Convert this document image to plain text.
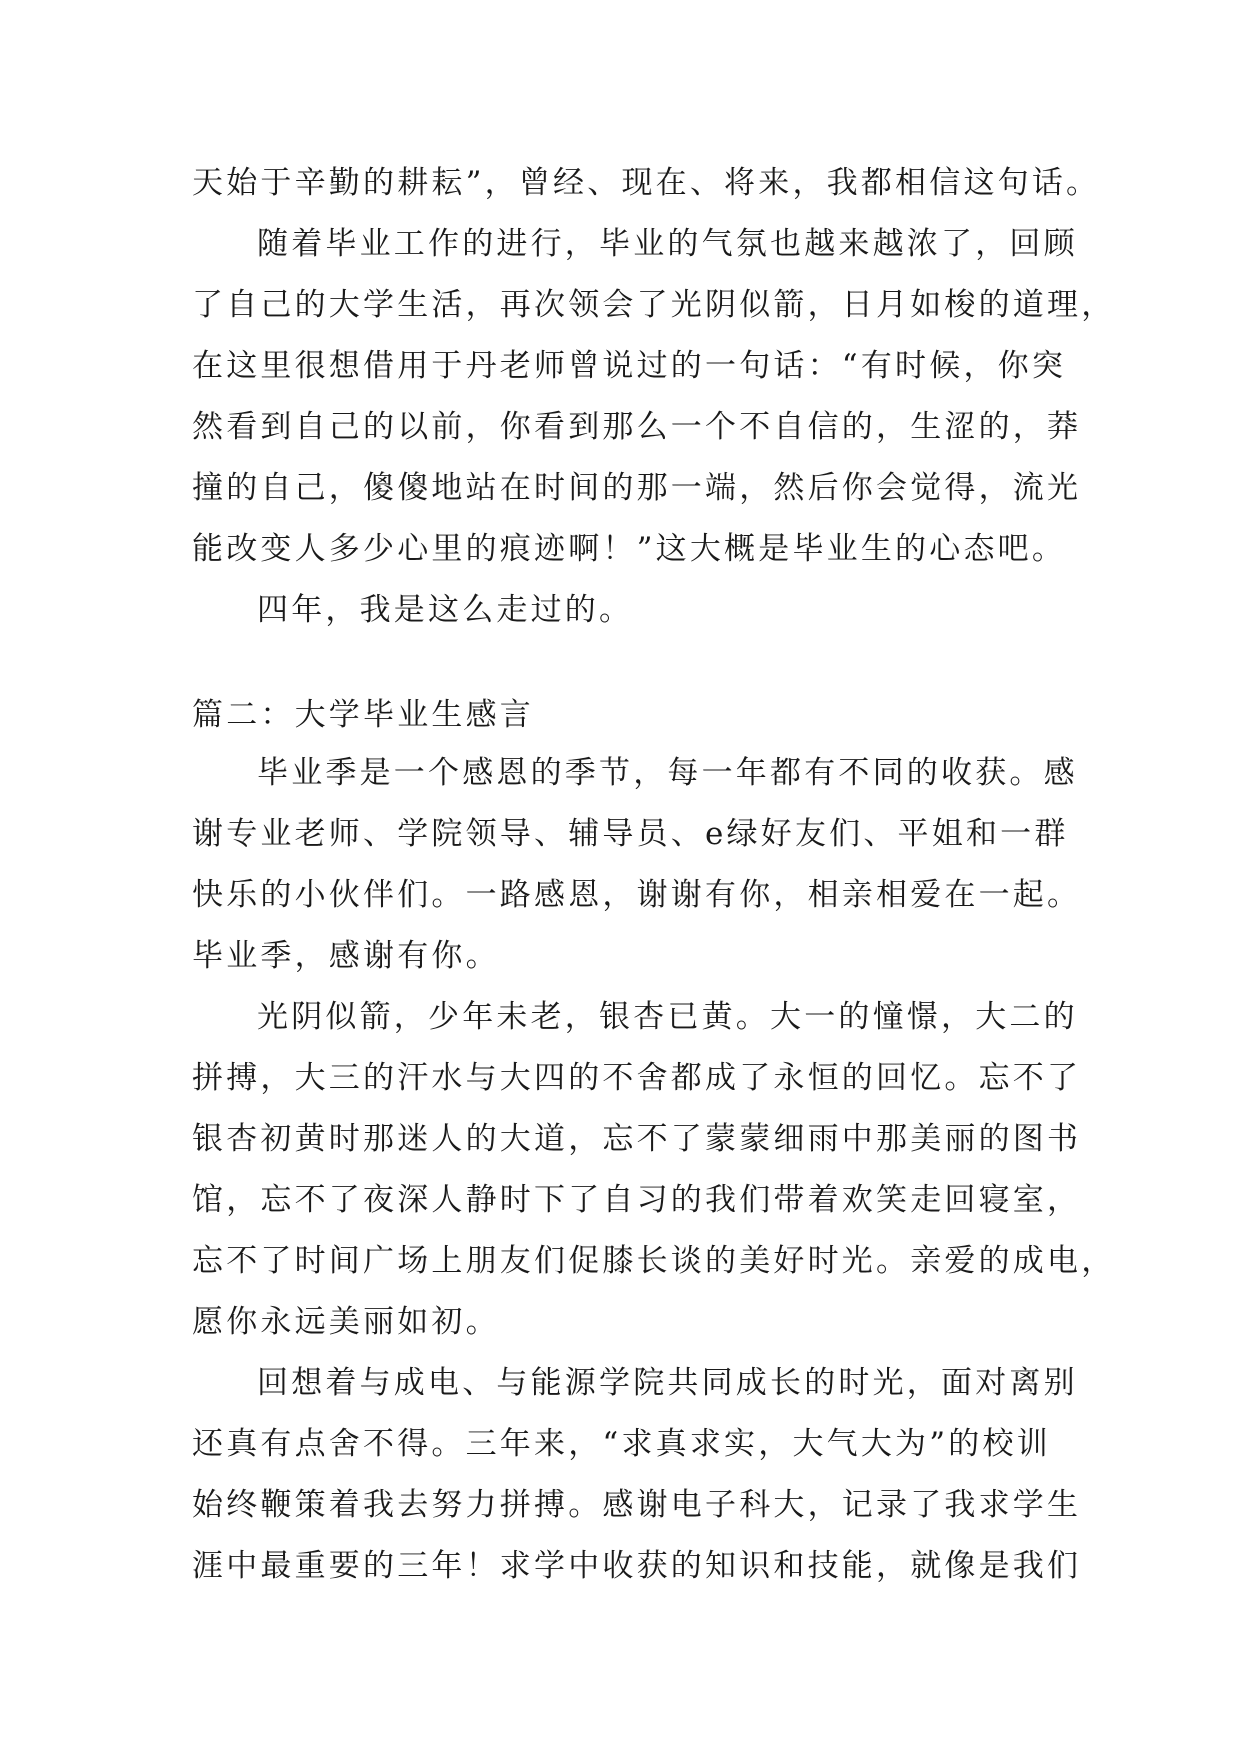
天始于辛勤的耕耘”，曾经、现在、将来，我都相信这句话。
随着毕业工作的进行，毕业的气氛也越来越浓了，回顾
了自己的大学生活，再次领会了光阴似箭，日月如梭的道理，
在这里很想借用于丹老师曾说过的一句话：“有时候，你突
然看到自己的以前，你看到那么一个不自信的，生涩的，莽
撞的自己，傻傻地站在时间的那一端，然后你会觉得，流光
能改变人多少心里的痕迹啊！”这大概是毕业生的心态吧。
四年，我是这么走过的。
篇二：大学毕业生感言
毕业季是一个感恩的季节，每一年都有不同的收获。感
谢专业老师、学院领导、辅导员、e绿好友们、平姐和一群
快乐的小伙伴们。一路感恩，谢谢有你，相亲相爱在一起。
毕业季，感谢有你。
光阴似箭，少年未老，银杏已黄。大一的憧憬，大二的
拼搏，大三的汗水与大四的不舍都成了永恒的回忆。忘不了
银杏初黄时那迷人的大道，忘不了蒙蒙细雨中那美丽的图书
馆，忘不了夜深人静时下了自习的我们带着欢笑走回寝室，
忘不了时间广场上朋友们促膝长谈的美好时光。亲爱的成电，
愿你永远美丽如初。
回想着与成电、与能源学院共同成长的时光，面对离别
还真有点舍不得。三年来，“求真求实，大气大为”的校训
始终鞭策着我去努力拼搏。感谢电子科大，记录了我求学生
涯中最重要的三年！求学中收获的知识和技能，就像是我们
